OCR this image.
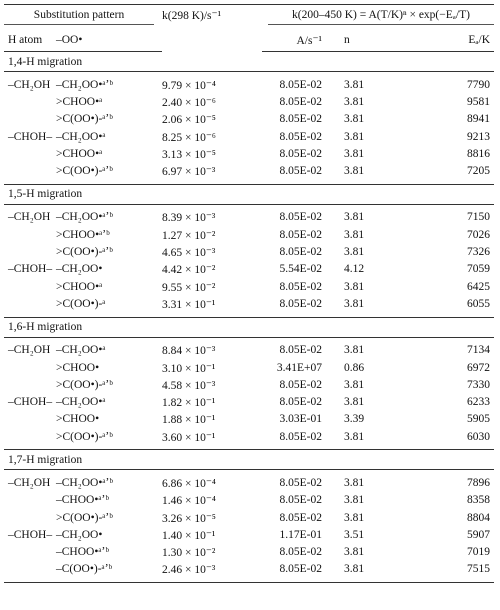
Substitution pattern		k(298 K)/s⁻¹	k(200–450 K) = A(T/K)ⁿ × exp(−Eₐ/T)		

H atom	–OO•		A/s⁻¹	n	Eₐ/K
1,4-H migration					
–CH₂OH	–CH₂OO•ᵃʼᵇ	9.79 × 10⁻⁴	8.05E-02	3.81	7790
	>CHOO•ᵃ	2.40 × 10⁻⁶	8.05E-02	3.81	9581
	>C(OO•)-ᵃʼᵇ	2.06 × 10⁻⁵	8.05E-02	3.81	8941
–CHOH–	–CH₂OO•ᵃ	8.25 × 10⁻⁶	8.05E-02	3.81	9213
	>CHOO•ᵃ	3.13 × 10⁻⁵	8.05E-02	3.81	8816
	>C(OO•)-ᵃʼᵇ	6.97 × 10⁻³	8.05E-02	3.81	7205
1,5-H migration					
–CH₂OH	–CH₂OO•ᵃʼᵇ	8.39 × 10⁻³	8.05E-02	3.81	7150
	>CHOO•ᵃʼᵇ	1.27 × 10⁻²	8.05E-02	3.81	7026
	>C(OO•)-ᵃʼᵇ	4.65 × 10⁻³	8.05E-02	3.81	7326
–CHOH–	–CH₂OO•	4.42 × 10⁻²	5.54E-02	4.12	7059
	>CHOO•ᵃ	9.55 × 10⁻²	8.05E-02	3.81	6425
	>C(OO•)-ᵃ	3.31 × 10⁻¹	8.05E-02	3.81	6055
1,6-H migration					
–CH₂OH	–CH₂OO•ᵃ	8.84 × 10⁻³	8.05E-02	3.81	7134
	>CHOO•	3.10 × 10⁻¹	3.41E+07	0.86	6972
	>C(OO•)-ᵃʼᵇ	4.58 × 10⁻³	8.05E-02	3.81	7330
–CHOH–	–CH₂OO•ᵃ	1.82 × 10⁻¹	8.05E-02	3.81	6233
	>CHOO•	1.88 × 10⁻¹	3.03E-01	3.39	5905
	>C(OO•)-ᵃʼᵇ	3.60 × 10⁻¹	8.05E-02	3.81	6030
1,7-H migration					
–CH₂OH	–CH₂OO•ᵃʼᵇ	6.86 × 10⁻⁴	8.05E-02	3.81	7896
	–CHOO•ᵃʼᵇ	1.46 × 10⁻⁴	8.05E-02	3.81	8358
	>C(OO•)-ᵃʼᵇ	3.26 × 10⁻⁵	8.05E-02	3.81	8804
–CHOH–	–CH₂OO•	1.40 × 10⁻¹	1.17E-01	3.51	5907
	–CHOO•ᵃʼᵇ	1.30 × 10⁻²	8.05E-02	3.81	7019
	–C(OO•)-ᵃʼᵇ	2.46 × 10⁻³	8.05E-02	3.81	7515
